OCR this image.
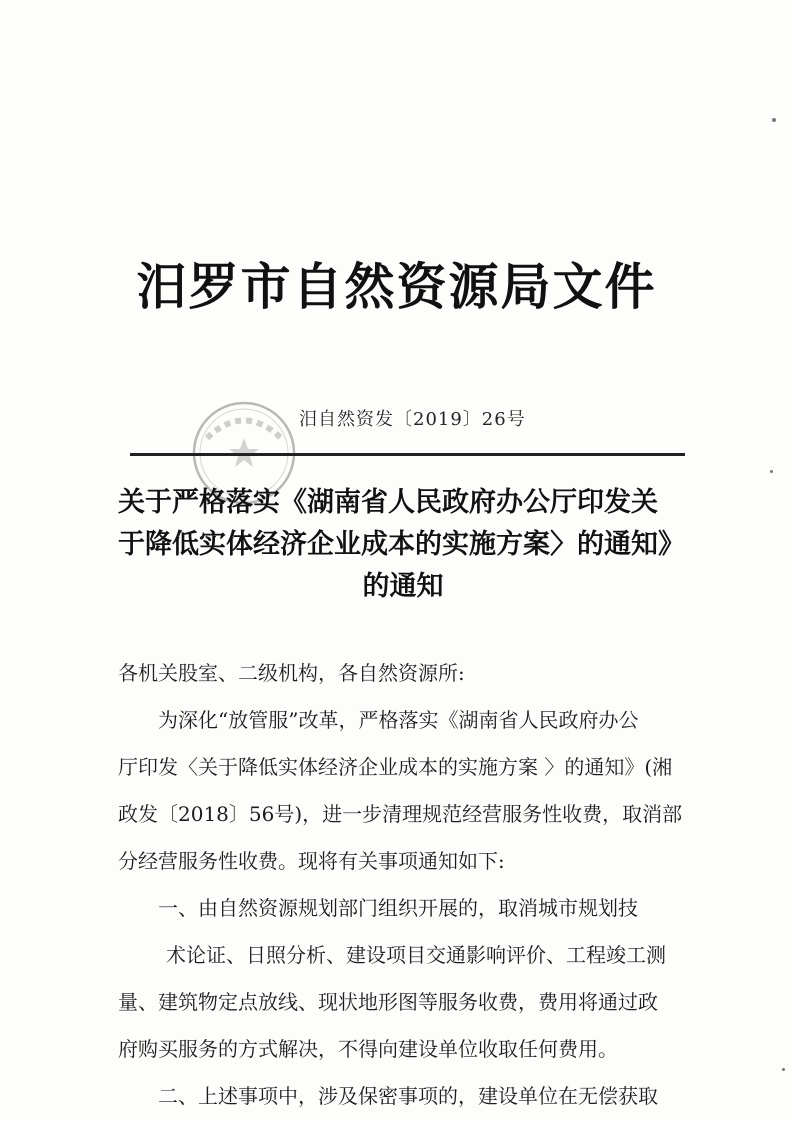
汨罗市自然资源局文件
汨自然资发〔2019〕26号
关于严格落实《湖南省人民政府办公厅印发关
于降低实体经济企业成本的实施方案〉的通知》
的通知
各机关股室、二级机构，各自然资源所:
为深化“放管服”改革，严格落实《湖南省人民政府办公
厅印发〈关于降低实体经济企业成本的实施方案 〉的通知》(湘
政发〔2018〕56号)，进一步清理规范经营服务性收费，取消部
分经营服务性收费。现将有关事项通知如下:
一、由自然资源规划部门组织开展的，取消城市规划技
术论证、日照分析、建设项目交通影响评价、工程竣工测
量、建筑物定点放线、现状地形图等服务收费，费用将通过政
府购买服务的方式解决，不得向建设单位收取任何费用。
二、上述事项中，涉及保密事项的，建设单位在无偿获取
